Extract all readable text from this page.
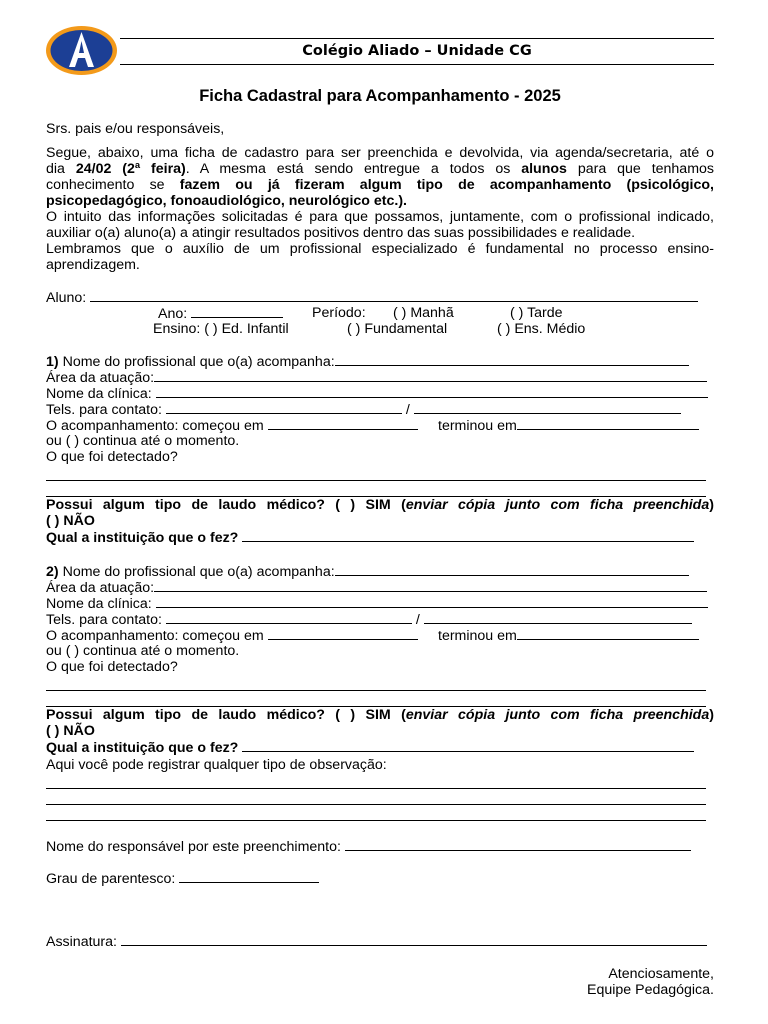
Colégio Aliado – Unidade CG
Ficha Cadastral para Acompanhamento - 2025
Srs. pais e/ou responsáveis,
Segue, abaixo, uma ficha de cadastro para ser preenchida e devolvida, via agenda/secretaria, até o
dia 24/02 (2ª feira). A mesma está sendo entregue a todos os alunos para que tenhamos
conhecimento se fazem ou já fizeram algum tipo de acompanhamento (psicológico,
psicopedagógico, fonoaudiológico, neurológico etc.).
O intuito das informações solicitadas é para que possamos, juntamente, com o profissional indicado,
auxiliar o(a) aluno(a) a atingir resultados positivos dentro das suas possibilidades e realidade.
Lembramos que o auxílio de um profissional especializado é fundamental no processo ensino-
aprendizagem.
Aluno:
Ano:	Período: ( ) Manhã	( ) Tarde
Ensino: ( ) Ed. Infantil	( ) Fundamental	( ) Ens. Médio
1) Nome do profissional que o(a) acompanha:
Área da atuação:
Nome da clínica:
Tels. para contato:	/
O acompanhamento: começou em	terminou em
ou ( ) continua até o momento.
O que foi detectado?
Possui algum tipo de laudo médico? ( ) SIM (enviar cópia junto com ficha preenchida)
( ) NÃO
Qual a instituição que o fez?
2) Nome do profissional que o(a) acompanha:
Área da atuação:
Nome da clínica:
Tels. para contato:	/
O acompanhamento: começou em	terminou em
ou ( ) continua até o momento.
O que foi detectado?
Possui algum tipo de laudo médico? ( ) SIM (enviar cópia junto com ficha preenchida)
( ) NÃO
Qual a instituição que o fez?
Aqui você pode registrar qualquer tipo de observação:
Nome do responsável por este preenchimento:
Grau de parentesco:
Assinatura:
Atenciosamente,
Equipe Pedagógica.
